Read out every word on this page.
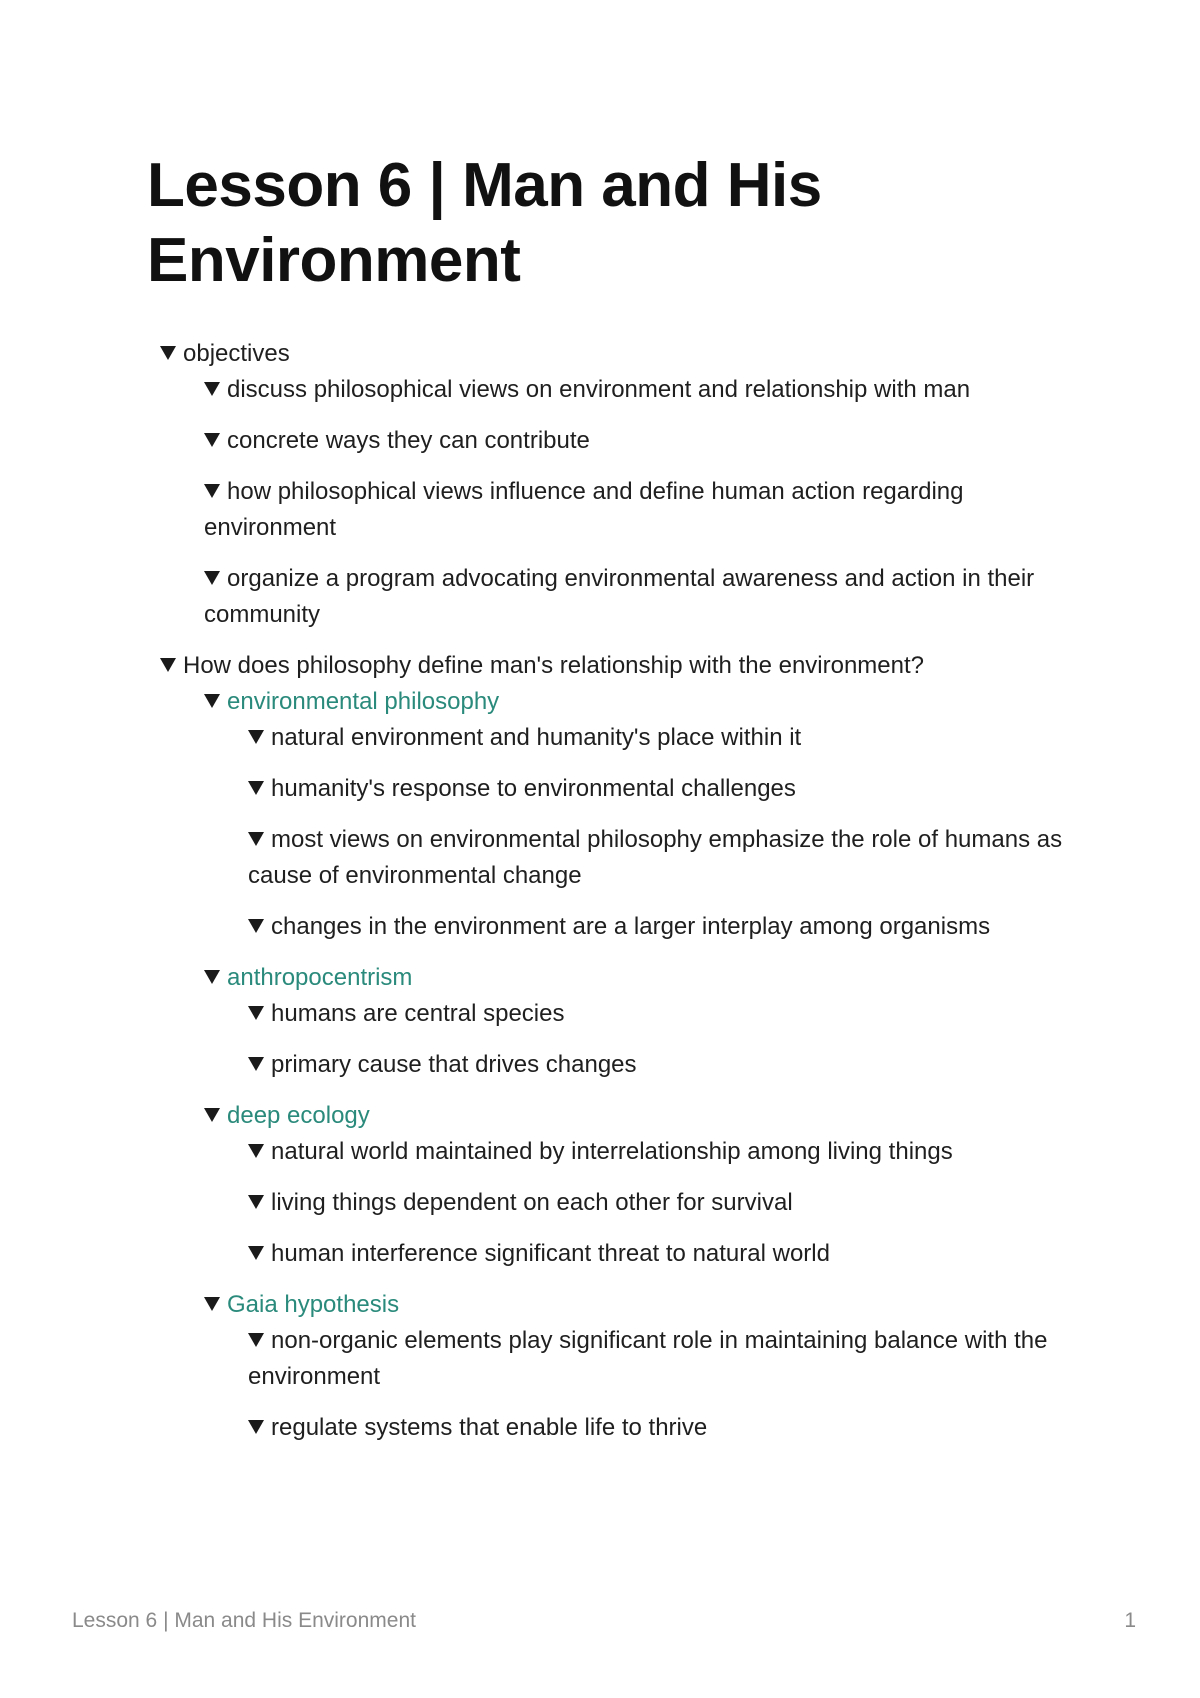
Lesson 6 | Man and His Environment
objectives
discuss philosophical views on environment and relationship with man
concrete ways they can contribute
how philosophical views influence and define human action regarding environment
organize a program advocating environmental awareness and action in their community
How does philosophy define man's relationship with the environment?
environmental philosophy
natural environment and humanity's place within it
humanity's response to environmental challenges
most views on environmental philosophy emphasize the role of humans as cause of environmental change
changes in the environment are a larger interplay among organisms
anthropocentrism
humans are central species
primary cause that drives changes
deep ecology
natural world maintained by interrelationship among living things
living things dependent on each other for survival
human interference significant threat to natural world
Gaia hypothesis
non-organic elements play significant role in maintaining balance with the environment
regulate systems that enable life to thrive
Lesson 6 | Man and His Environment	1
